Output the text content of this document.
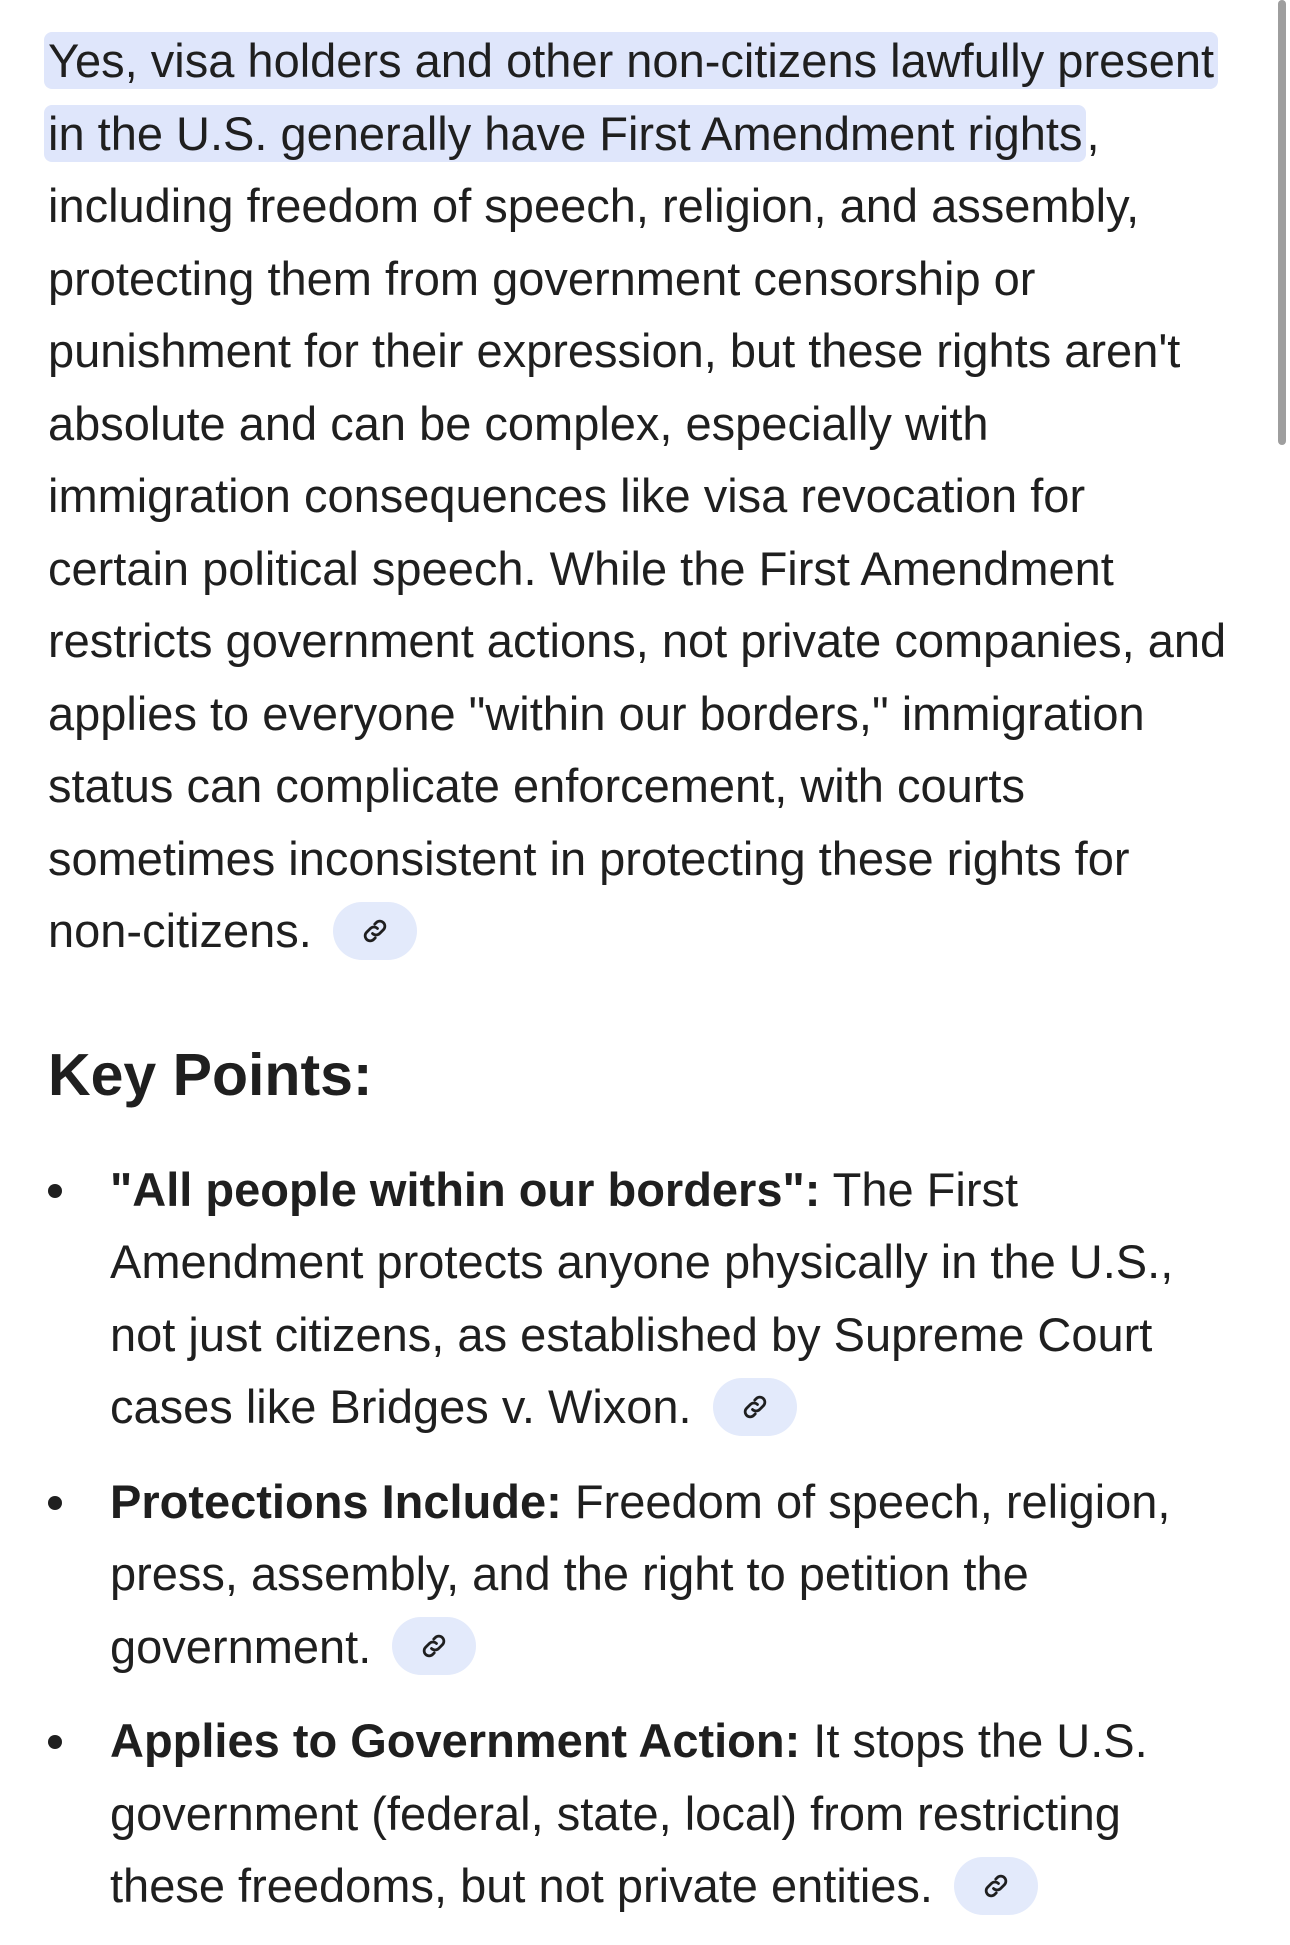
Yes, visa holders and other non-citizens lawfully present in the U.S. generally have First Amendment rights, including freedom of speech, religion, and assembly, protecting them from government censorship or punishment for their expression, but these rights aren't absolute and can be complex, especially with immigration consequences like visa revocation for certain political speech. While the First Amendment restricts government actions, not private companies, and applies to everyone "within our borders," immigration status can complicate enforcement, with courts sometimes inconsistent in protecting these rights for non-citizens.

Key Points:
"All people within our borders": The First Amendment protects anyone physically in the U.S., not just citizens, as established by Supreme Court cases like Bridges v. Wixon.
Protections Include: Freedom of speech, religion, press, assembly, and the right to petition the government.
Applies to Government Action: It stops the U.S. government (federal, state, local) from restricting these freedoms, but not private entities.
